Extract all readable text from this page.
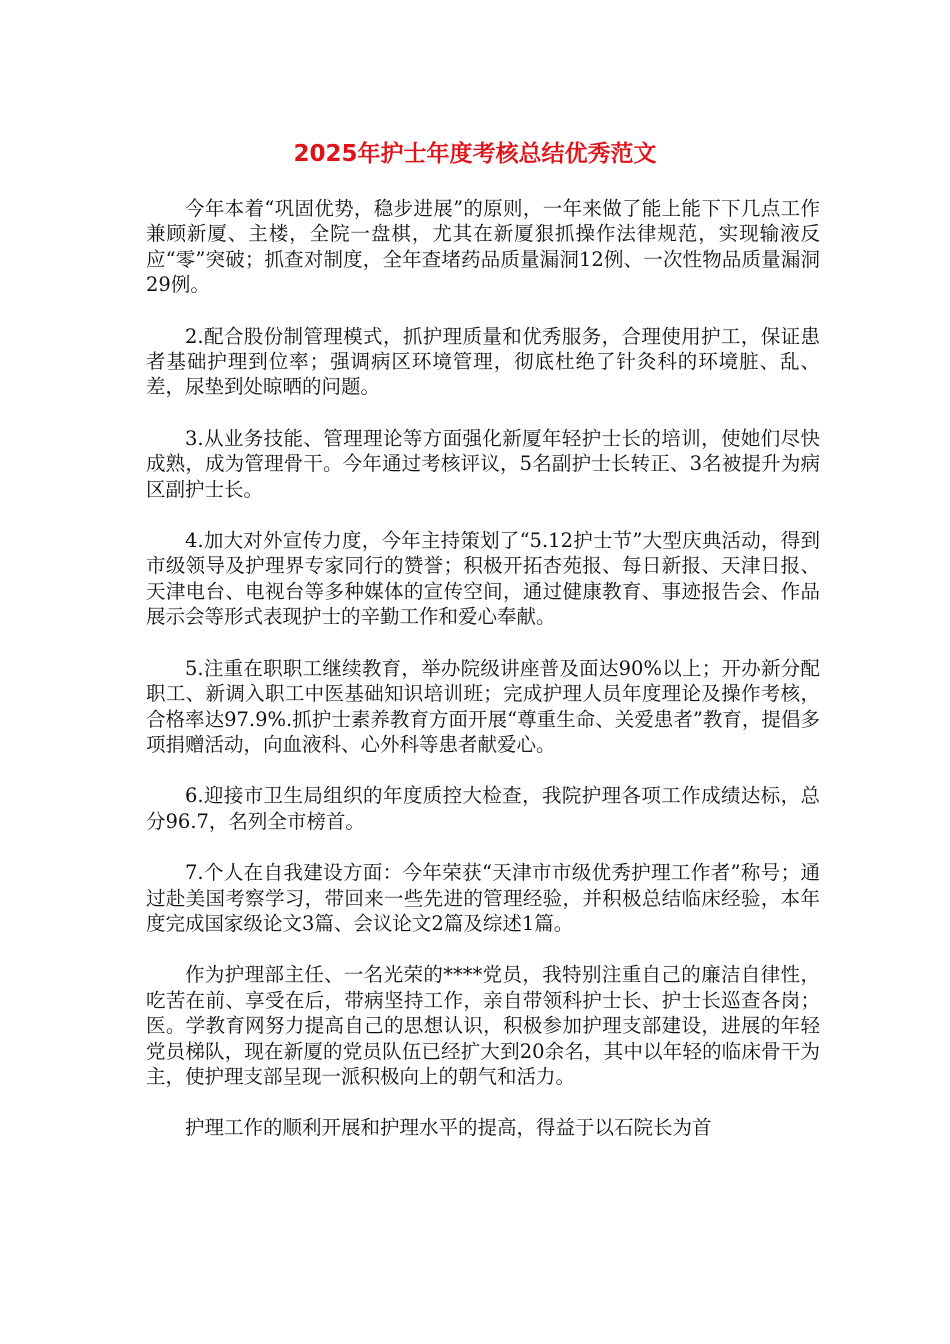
2025年护士年度考核总结优秀范文

今年本着“巩固优势，稳步进展”的原则，一年来做了能上能下下几点工作兼顾新厦、主楼，全院一盘棋，尤其在新厦狠抓操作法律规范，实现输液反应“零”突破；抓查对制度，全年查堵药品质量漏洞12例、一次性物品质量漏洞29例。

2.配合股份制管理模式，抓护理质量和优秀服务，合理使用护工，保证患者基础护理到位率；强调病区环境管理，彻底杜绝了针灸科的环境脏、乱、差，尿垫到处晾晒的问题。

3.从业务技能、管理理论等方面强化新厦年轻护士长的培训，使她们尽快成熟，成为管理骨干。今年通过考核评议，5名副护士长转正、3名被提升为病区副护士长。

4.加大对外宣传力度，今年主持策划了“5.12护士节”大型庆典活动，得到市级领导及护理界专家同行的赞誉；积极开拓杏苑报、每日新报、天津日报、天津电台、电视台等多种媒体的宣传空间，通过健康教育、事迹报告会、作品展示会等形式表现护士的辛勤工作和爱心奉献。

5.注重在职职工继续教育，举办院级讲座普及面达90%以上；开办新分配职工、新调入职工中医基础知识培训班；完成护理人员年度理论及操作考核，合格率达97.9%.抓护士素养教育方面开展“尊重生命、关爱患者”教育，提倡多项捐赠活动，向血液科、心外科等患者献爱心。

6.迎接市卫生局组织的年度质控大检查，我院护理各项工作成绩达标，总分96.7，名列全市榜首。

7.个人在自我建设方面：今年荣获“天津市市级优秀护理工作者”称号；通过赴美国考察学习，带回来一些先进的管理经验，并积极总结临床经验，本年度完成国家级论文3篇、会议论文2篇及综述1篇。

作为护理部主任、一名光荣的****党员，我特别注重自己的廉洁自律性，吃苦在前、享受在后，带病坚持工作，亲自带领科护士长、护士长巡查各岗；医。学教育网努力提高自己的思想认识，积极参加护理支部建设，进展的年轻党员梯队，现在新厦的党员队伍已经扩大到20余名，其中以年轻的临床骨干为主，使护理支部呈现一派积极向上的朝气和活力。

护理工作的顺利开展和护理水平的提高，得益于以石院长为首
